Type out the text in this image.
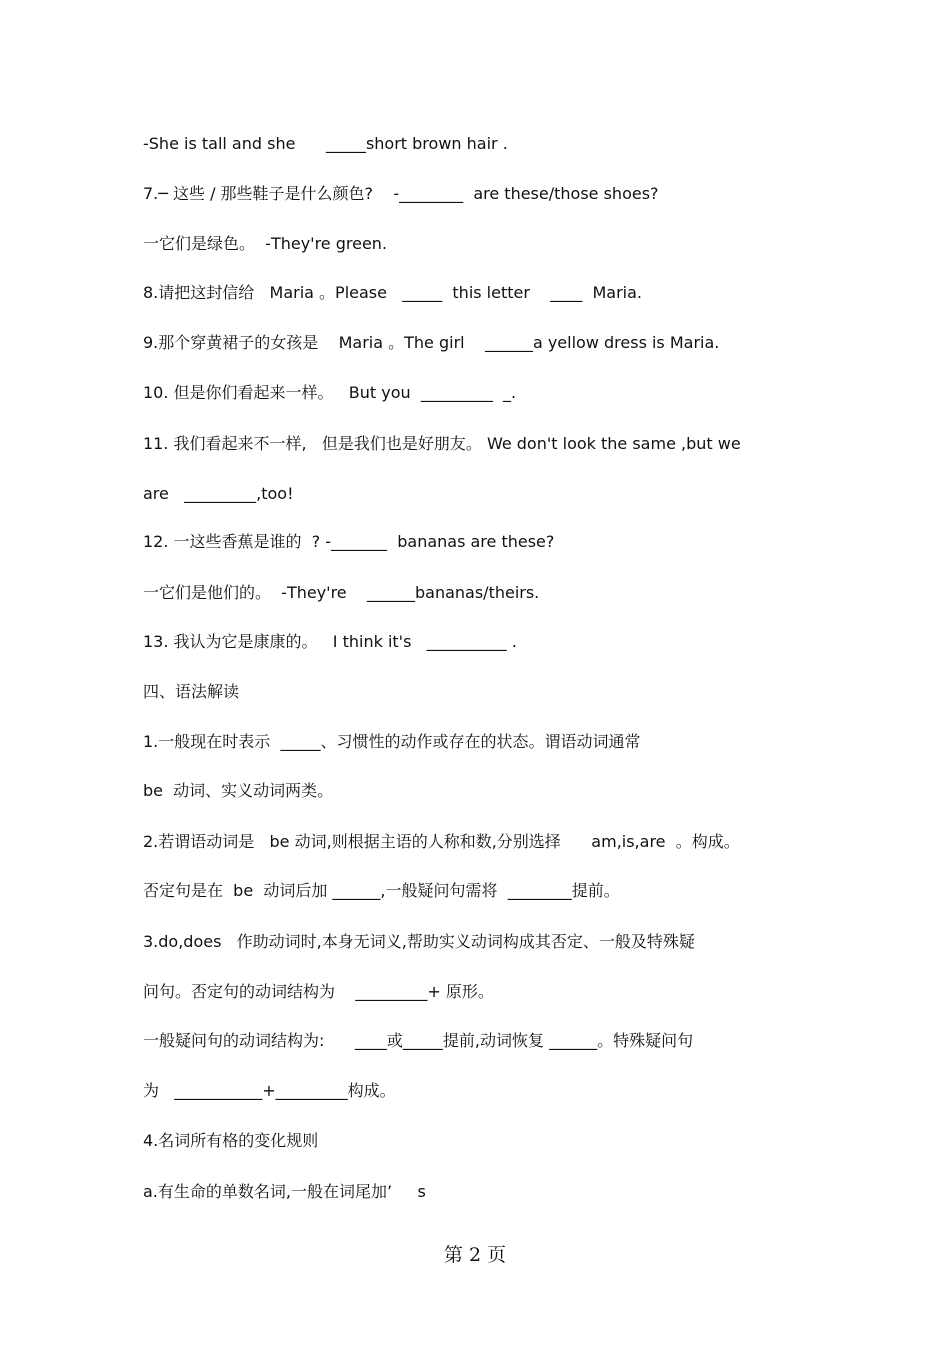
-She is tall and she      _____short brown hair .
7.─ 这些 / 那些鞋子是什么颜色?    -________  are these/those shoes?
一它们是绿色。  -They're green.
8.请把这封信给   Maria 。Please   _____  this letter    ____  Maria.
9.那个穿黄裙子的女孩是    Maria 。The girl    ______a yellow dress is Maria.
10. 但是你们看起来一样。   But you  _________  _.
11. 我们看起来不一样,   但是我们也是好朋友。 We don't look the same ,but we
are   _________,too!
12. 一这些香蕉是谁的  ? -_______  bananas are these?
一它们是他们的。  -They're    ______bananas/theirs.
13. 我认为它是康康的。   I think it's   __________ .
四、语法解读
1.一般现在时表示  _____、习惯性的动作或存在的状态。谓语动词通常
be  动词、实义动词两类。
2.若谓语动词是   be 动词,则根据主语的人称和数,分别选择      am,is,are  。构成。
否定句是在  be  动词后加 ______,一般疑问句需将  ________提前。
3.do,does   作助动词时,本身无词义,帮助实义动词构成其否定、一般及特殊疑
问句。否定句的动词结构为    _________+ 原形。
一般疑问句的动词结构为:      ____或_____提前,动词恢复 ______。特殊疑问句
为   ___________+_________构成。
4.名词所有格的变化规则
a.有生命的单数名词,一般在词尾加’     s
第 2 页
